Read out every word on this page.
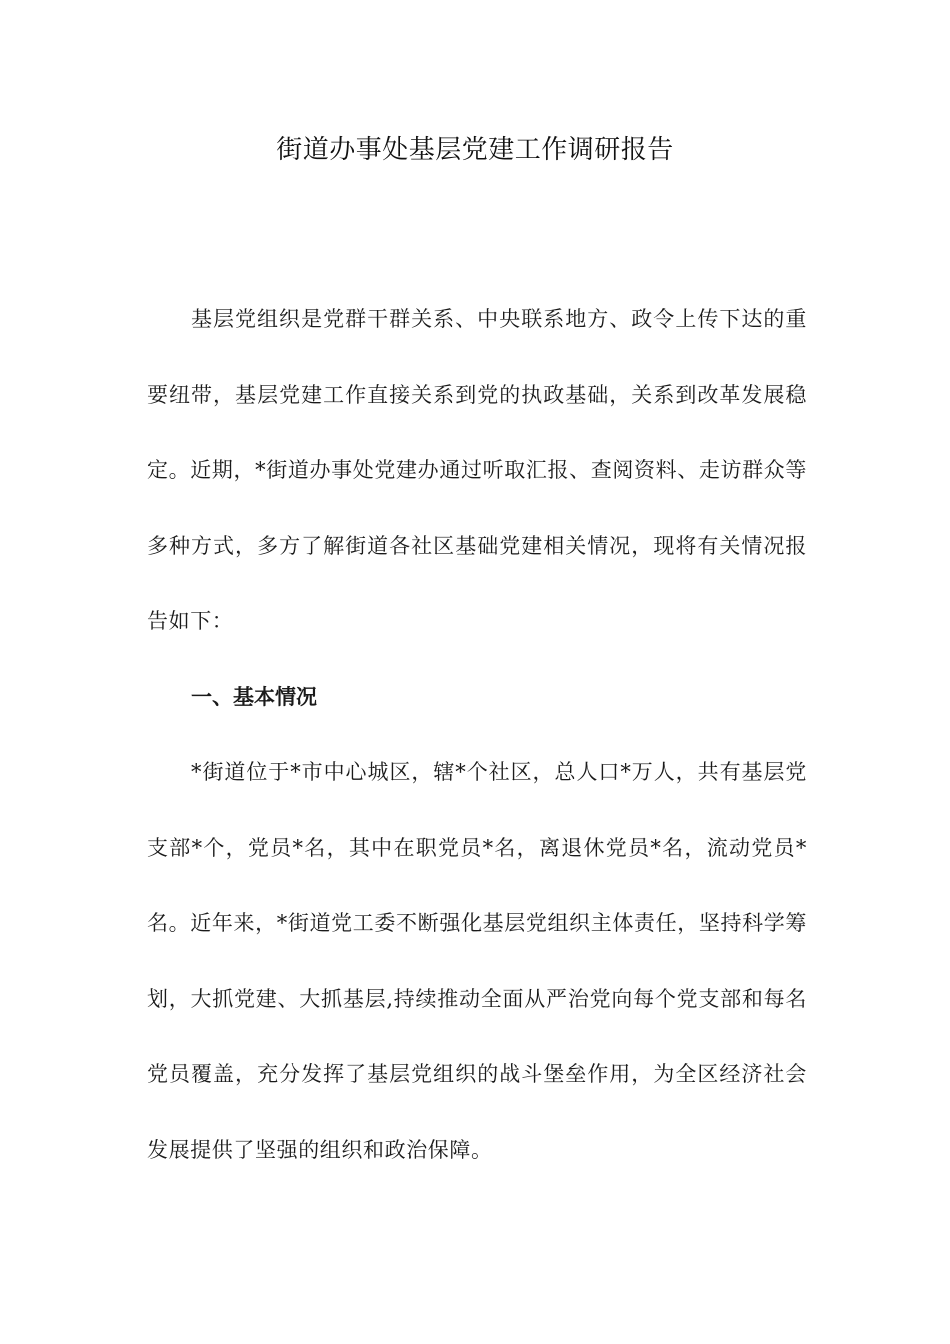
街道办事处基层党建工作调研报告

基层党组织是党群干群关系、中央联系地方、政令上传下达的重要纽带，基层党建工作直接关系到党的执政基础，关系到改革发展稳定。近期，*街道办事处党建办通过听取汇报、查阅资料、走访群众等多种方式，多方了解街道各社区基础党建相关情况，现将有关情况报告如下：

一、基本情况

*街道位于*市中心城区，辖*个社区，总人口*万人，共有基层党支部*个，党员*名，其中在职党员*名，离退休党员*名，流动党员*名。近年来，*街道党工委不断强化基层党组织主体责任，坚持科学筹划，大抓党建、大抓基层,持续推动全面从严治党向每个党支部和每名党员覆盖，充分发挥了基层党组织的战斗堡垒作用，为全区经济社会发展提供了坚强的组织和政治保障。
